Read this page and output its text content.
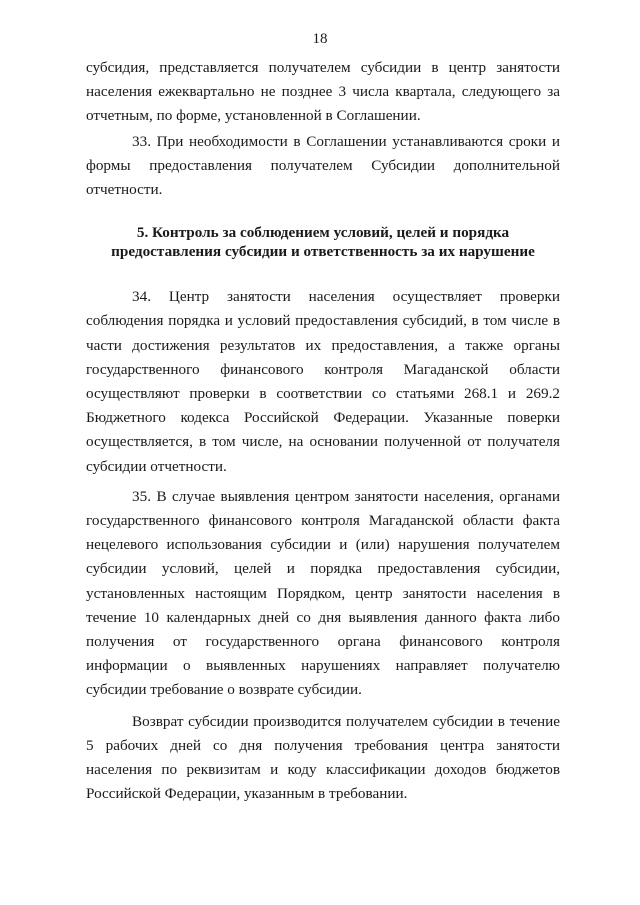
18

субсидия, представляется получателем субсидии в центр занятости населения ежеквартально не позднее 3 числа квартала, следующего за отчетным, по форме, установленной в Соглашении.

33. При необходимости в Соглашении устанавливаются сроки и формы предоставления получателем Субсидии дополнительной отчетности.

5. Контроль за соблюдением условий, целей и порядка
предоставления субсидии и ответственность за их нарушение

34. Центр занятости населения осуществляет проверки соблюдения порядка и условий предоставления субсидий, в том числе в части достижения результатов их предоставления, а также органы государственного финансового контроля Магаданской области осуществляют проверки в соответствии со статьями 268.1 и 269.2 Бюджетного кодекса Российской Федерации. Указанные поверки осуществляется, в том числе, на основании полученной от получателя субсидии отчетности.

35. В случае выявления центром занятости населения, органами государственного финансового контроля Магаданской области факта нецелевого использования субсидии и (или) нарушения получателем субсидии условий, целей и порядка предоставления субсидии, установленных настоящим Порядком, центр занятости населения в течение 10 календарных дней со дня выявления данного факта либо получения от государственного органа финансового контроля информации о выявленных нарушениях направляет получателю субсидии требование о возврате субсидии.

Возврат субсидии производится получателем субсидии в течение 5 рабочих дней со дня получения требования центра занятости населения по реквизитам и коду классификации доходов бюджетов Российской Федерации, указанным в требовании.
